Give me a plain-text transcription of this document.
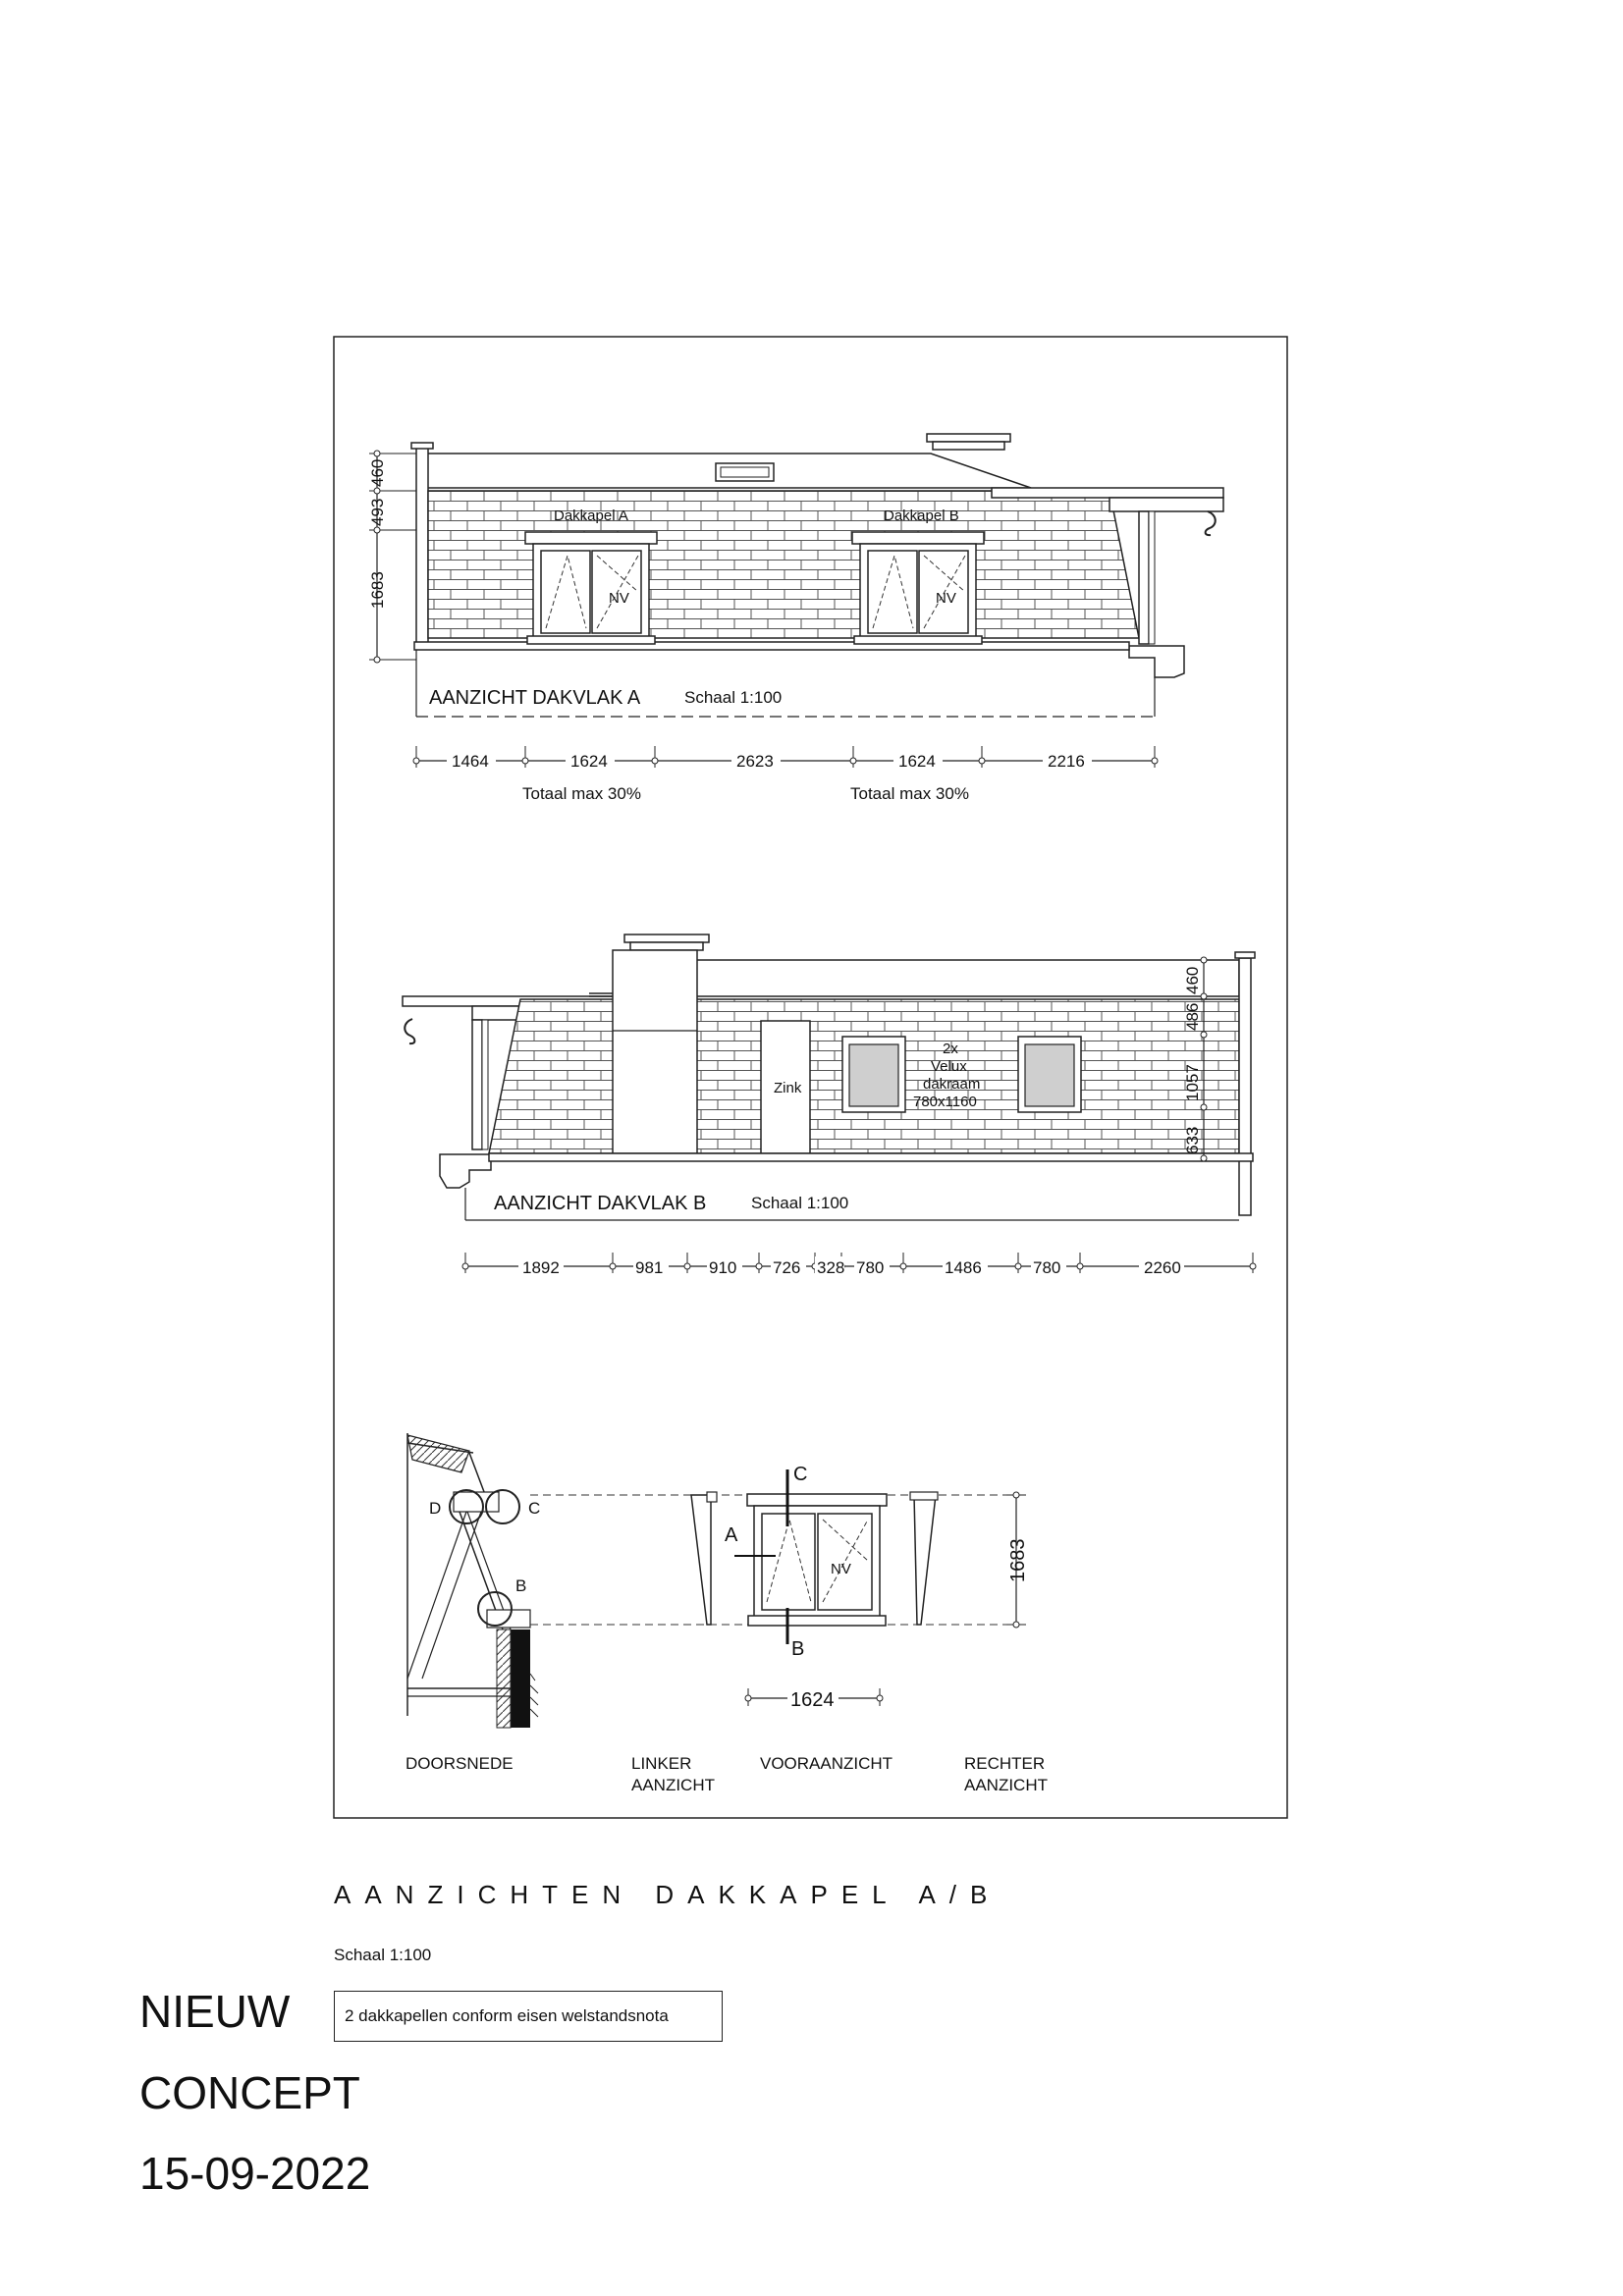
Dakkapel A	Dakkapel B
NV	NV
460
493
1683
AANZICHT DAKVLAK A	Schaal 1:100
1464	1624	2623	1624	2216
Totaal max 30%	Totaal max 30%
Zink
2x
Velux
dakraam
780x1160
460
486
1057
633
AANZICHT DAKVLAK B	Schaal 1:100
1892	981	910 726 328 780	1486	780	2260
D	C
B
C
A
B
NV	1683
1624
DOORSNEDE	LINKER
AANZICHT
VOORAANZICHT	RECHTER
AANZICHT
AANZICHTEN DAKKAPEL A/B
Schaal 1:100
2 dakkapellen conform eisen welstandsnota
NIEUW
CONCEPT
15-09-2022
